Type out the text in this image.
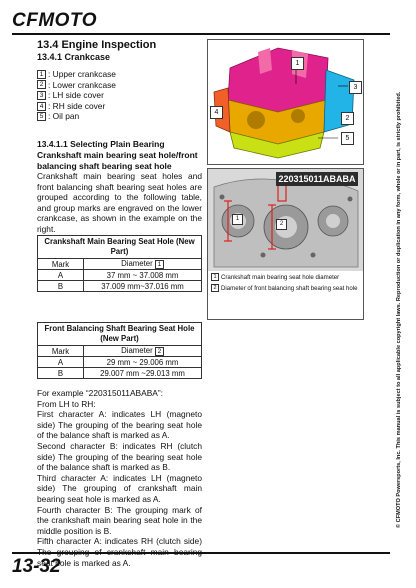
CFMOTO
13.4 Engine Inspection
13.4.1 Crankcase
1 : Upper crankcase
2 : Lower crankcase
3 : LH side cover
4 : RH side cover
5 : Oil pan
13.4.1.1 Selecting Plain Bearing
Crankshaft main bearing seat hole/front balancing shaft bearing seat hole
Crankshaft main bearing seat holes and front balancing shaft bearing seat holes are grouped according to the following table, and group marks are engraved on the lower crankcase, as shown in the example on the right.
Crankshaft Main Bearing Seat Hole (New Part)	
Mark	Diameter 1
A	37 mm ~ 37.008 mm
B	37.009 mm~37.016 mm
Front Balancing Shaft Bearing Seat Hole (New Part)	
Mark	Diameter 2
A	29 mm ~ 29.006 mm
B	29.007 mm ~29.013 mm
For example “220315011ABABA”:
From LH to RH:
First character A: indicates LH (magneto side) The grouping of the bearing seat hole of the balance shaft is marked as A.
Second character B: indicates RH (clutch side) The grouping of the bearing seat hole of the balance shaft is marked as B.
Third character A: indicates LH (magneto side) The grouping of crankshaft main bearing seat hole is marked as A.
Fourth character B: The grouping mark of the crankshaft main bearing seat hole in the middle position is B.
Fifth character A: indicates RH (clutch side) seat hole is marked as A.
1
3
4
2
5
220315011ABABA
1
2
1 Crankshaft main bearing seat hole diameter
2 Diameter of front balancing shaft bearing seat hole	© CFMOTO Powersports, Inc. This manual is subject to all applicable copyright laws. Reproduction or duplication in any form, whole or in part, is strictly prohibited.
13-32
